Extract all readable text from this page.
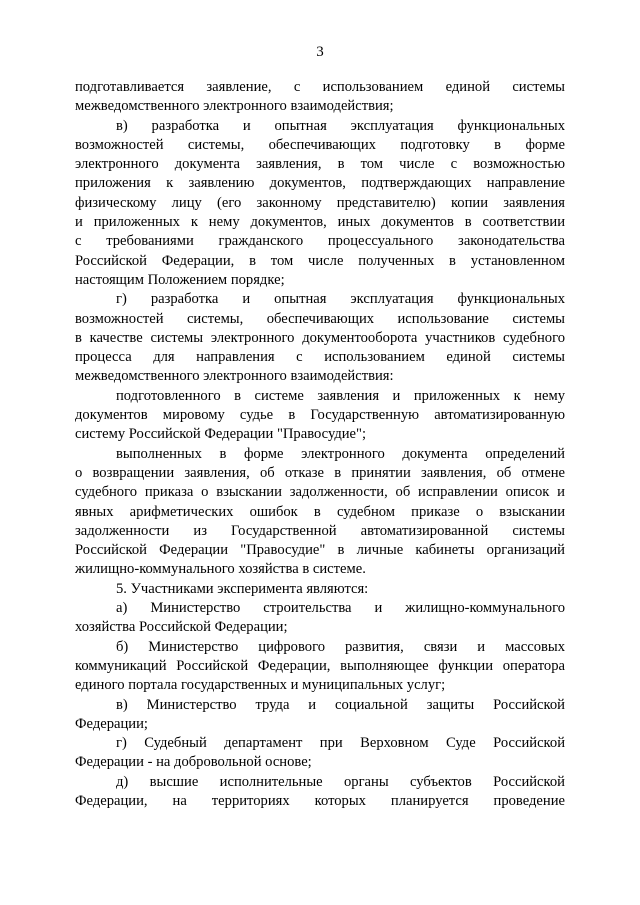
3

подготавливается заявление, с использованием единой системы

межведомственного электронного взаимодействия;

в) разработка и опытная эксплуатация функциональных

возможностей системы, обеспечивающих подготовку в форме

электронного документа заявления, в том числе с возможностью

приложения к заявлению документов, подтверждающих направление

физическому лицу (его законному представителю) копии заявления

и приложенных к нему документов, иных документов в соответствии

с требованиями гражданского процессуального законодательства

Российской Федерации, в том числе полученных в установленном

настоящим Положением порядке;

г) разработка и опытная эксплуатация функциональных

возможностей системы, обеспечивающих использование системы

в качестве системы электронного документооборота участников судебного

процесса для направления с использованием единой системы

межведомственного электронного взаимодействия:

подготовленного в системе заявления и приложенных к нему

документов мировому судье в Государственную автоматизированную

систему Российской Федерации "Правосудие";

выполненных в форме электронного документа определений

о возвращении заявления, об отказе в принятии заявления, об отмене

судебного приказа о взыскании задолженности, об исправлении описок и

явных арифметических ошибок в судебном приказе о взыскании

задолженности из Государственной автоматизированной системы

Российской Федерации "Правосудие" в личные кабинеты организаций

жилищно-коммунального хозяйства в системе.

5. Участниками эксперимента являются:

а) Министерство строительства и жилищно-коммунального

хозяйства Российской Федерации;

б) Министерство цифрового развития, связи и массовых

коммуникаций Российской Федерации, выполняющее функции оператора

единого портала государственных и муниципальных услуг;

в) Министерство труда и социальной защиты Российской

Федерации;

г) Судебный департамент при Верховном Суде Российской

Федерации - на добровольной основе;

д) высшие исполнительные органы субъектов Российской

Федерации, на территориях которых планируется проведение
